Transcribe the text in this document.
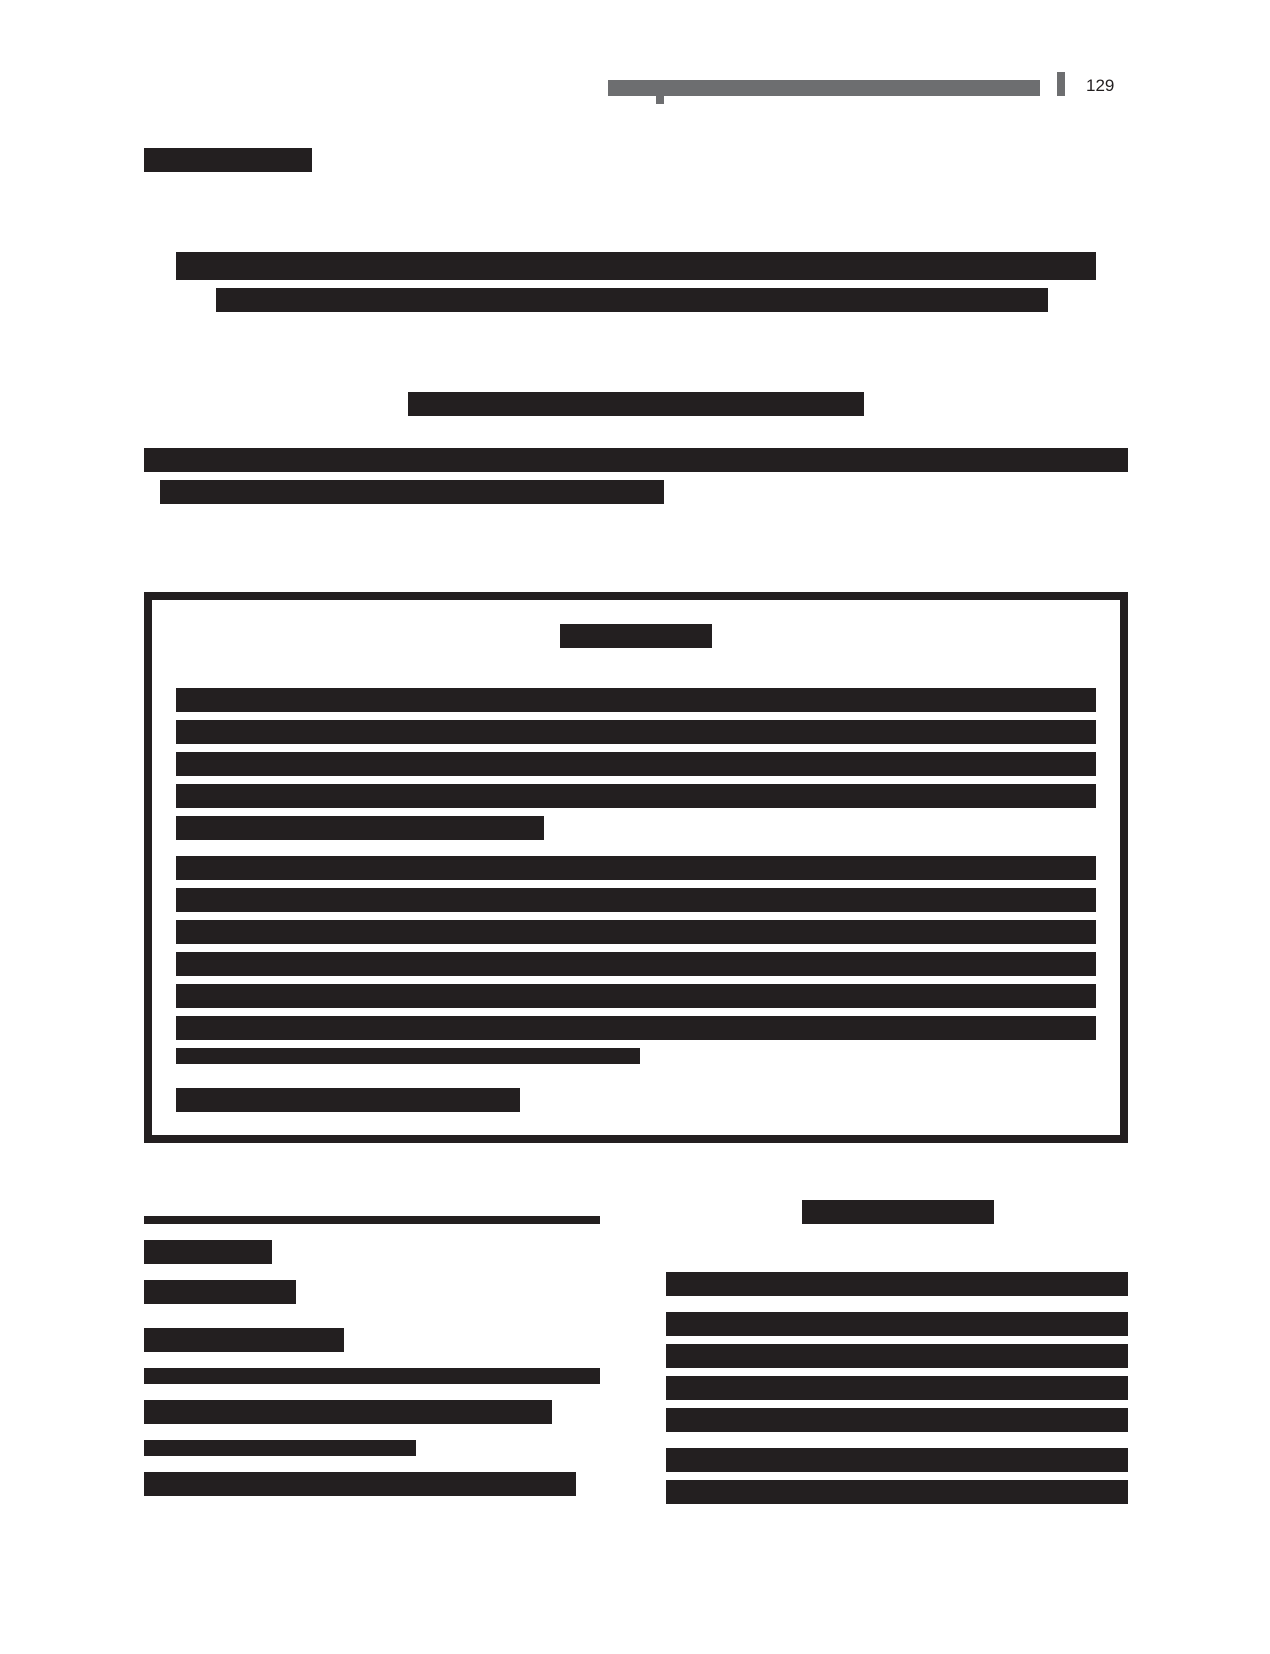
129
